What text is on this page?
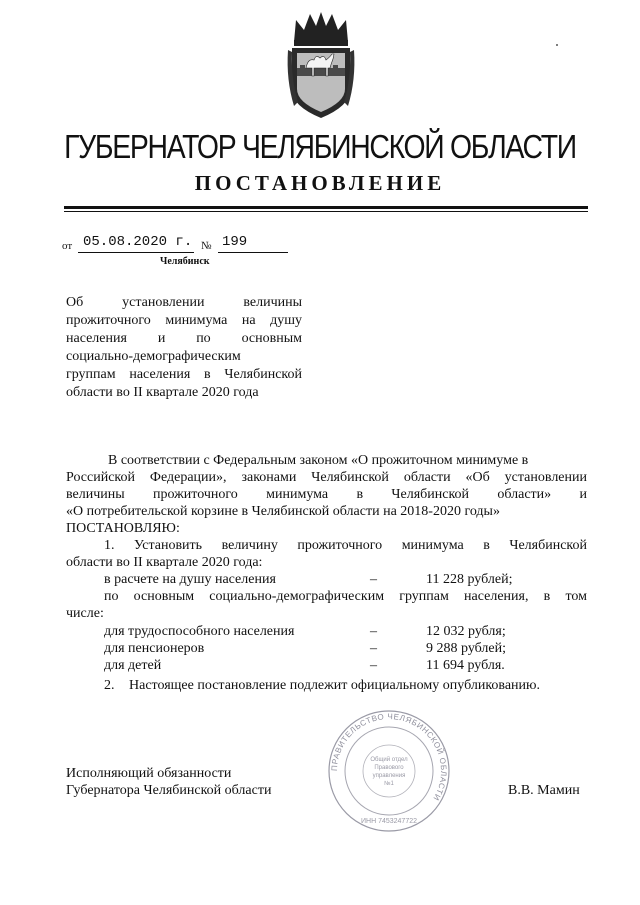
ГУБЕРНАТОР ЧЕЛЯБИНСКОЙ ОБЛАСТИ
ПОСТАНОВЛЕНИЕ
от 05.08.2020 г. № 199
Челябинск
Об установлении величины
прожиточного минимума на душу
населения и по основным
социально-демографическим
группам населения в Челябинской
области во II квартале 2020 года
В соответствии с Федеральным законом «О прожиточном минимуме в
Российской Федерации», законами Челябинской области «Об установлении
величины прожиточного минимума в Челябинской области» и
«О потребительской корзине в Челябинской области на 2018-2020 годы»
ПОСТАНОВЛЯЮ:
1. Установить величину прожиточного минимума в Челябинской
области во II квартале 2020 года:
в расчете на душу населения	–	11 228 рублей;
по основным социально-демографическим группам населения, в том
числе:
для трудоспособного населения	–	12 032 рубля;
для пенсионеров	–	9 288 рублей;
для детей	–	11 694 рубля.
2. Настоящее постановление подлежит официальному опубликованию.
ПРАВИТЕЛЬСТВО ЧЕЛЯБИНСКОЙ ОБЛАСТИ
Общий отдел
Правового
управления
№1
ИНН 7453247722
Исполняющий обязанности
Губернатора Челябинской области	В.В. Мамин
